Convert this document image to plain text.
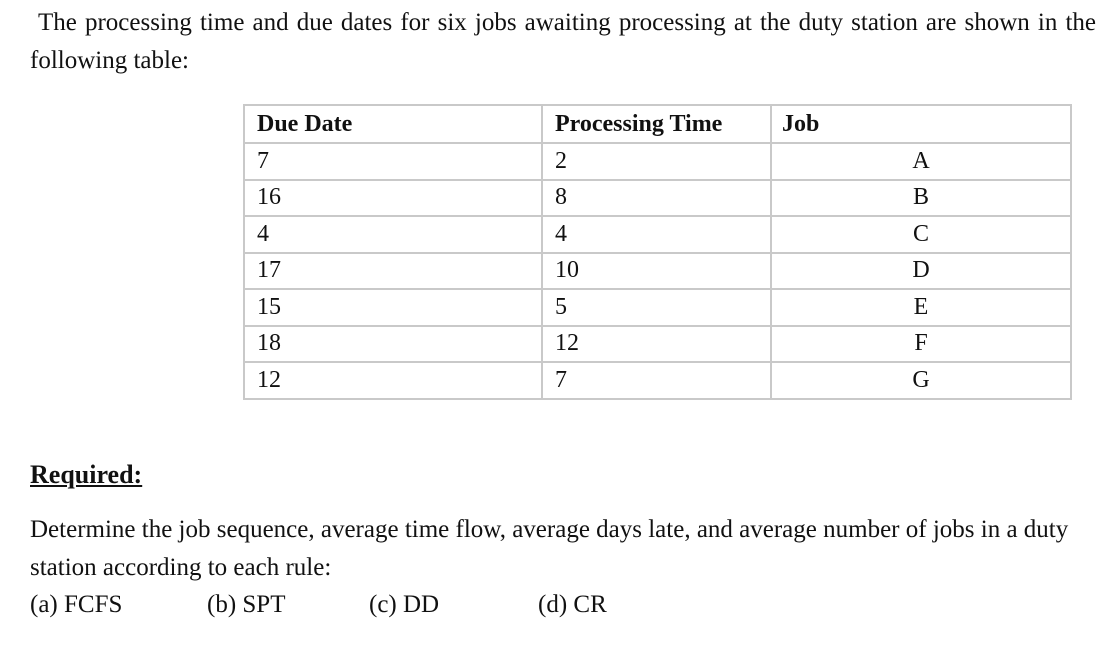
The processing time and due dates for six jobs awaiting processing at the duty station are shown in the following table:

Due Date	Processing Time	Job
7	2	A
16	8	B
4	4	C
17	10	D
15	5	E
18	12	F
12	7	G

Required:

Determine the job sequence, average time flow, average days late, and average number of jobs in a duty station according to each rule:

(a) FCFS	(b) SPT	(c) DD	(d) CR
